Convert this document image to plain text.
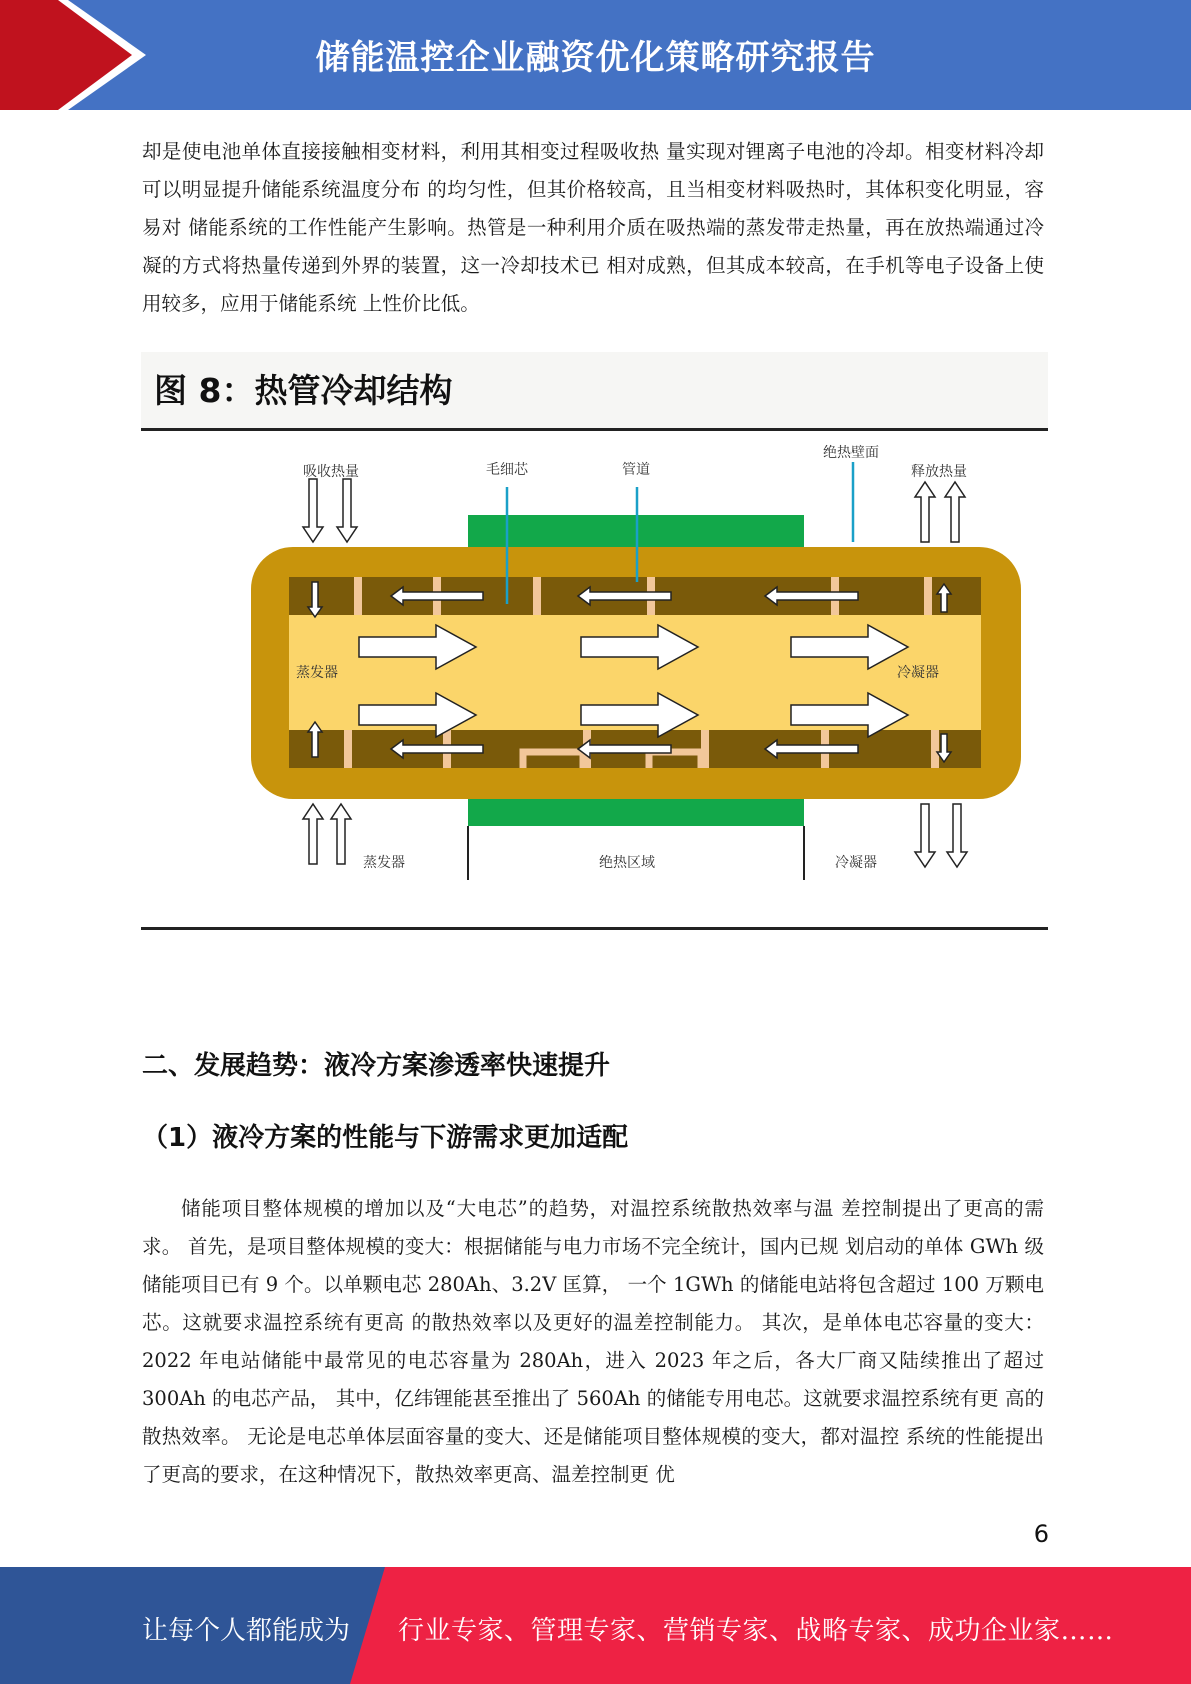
储能温控企业融资优化策略研究报告

却是使电池单体直接接触相变材料，利用其相变过程吸收热 量实现对锂离子电池的冷却。相变材料冷却可以明显提升储能系统温度分布 的均匀性，但其价格较高，且当相变材料吸热时，其体积变化明显，容易对 储能系统的工作性能产生影响。热管是一种利用介质在吸热端的蒸发带走热量，再在放热端通过冷凝的方式将热量传递到外界的装置，这一冷却技术已 相对成熟，但其成本较高，在手机等电子设备上使用较多，应用于储能系统 上性价比低。

图 8：热管冷却结构
吸收热量	毛细芯	管道
绝热壁面
释放热量
蒸发器	冷凝器
蒸发器	绝热区域	冷凝器
二、发展趋势：液冷方案渗透率快速提升
（1）液冷方案的性能与下游需求更加适配

储能项目整体规模的增加以及“大电芯”的趋势，对温控系统散热效率与温 差控制提出了更高的需求。 首先，是项目整体规模的变大：根据储能与电力市场不完全统计，国内已规 划启动的单体 GWh 级储能项目已有 9 个。以单颗电芯 280Ah、3.2V 匡算， 一个 1GWh 的储能电站将包含超过 100 万颗电芯。这就要求温控系统有更高 的散热效率以及更好的温差控制能力。 其次，是单体电芯容量的变大：2022 年电站储能中最常见的电芯容量为 280Ah，进入 2023 年之后，各大厂商又陆续推出了超过 300Ah 的电芯产品， 其中，亿纬锂能甚至推出了 560Ah 的储能专用电芯。这就要求温控系统有更 高的散热效率。 无论是电芯单体层面容量的变大、还是储能项目整体规模的变大，都对温控 系统的性能提出了更高的要求，在这种情况下，散热效率更高、温差控制更 优

6
让每个人都能成为 行业专家、管理专家、营销专家、战略专家、成功企业家……
